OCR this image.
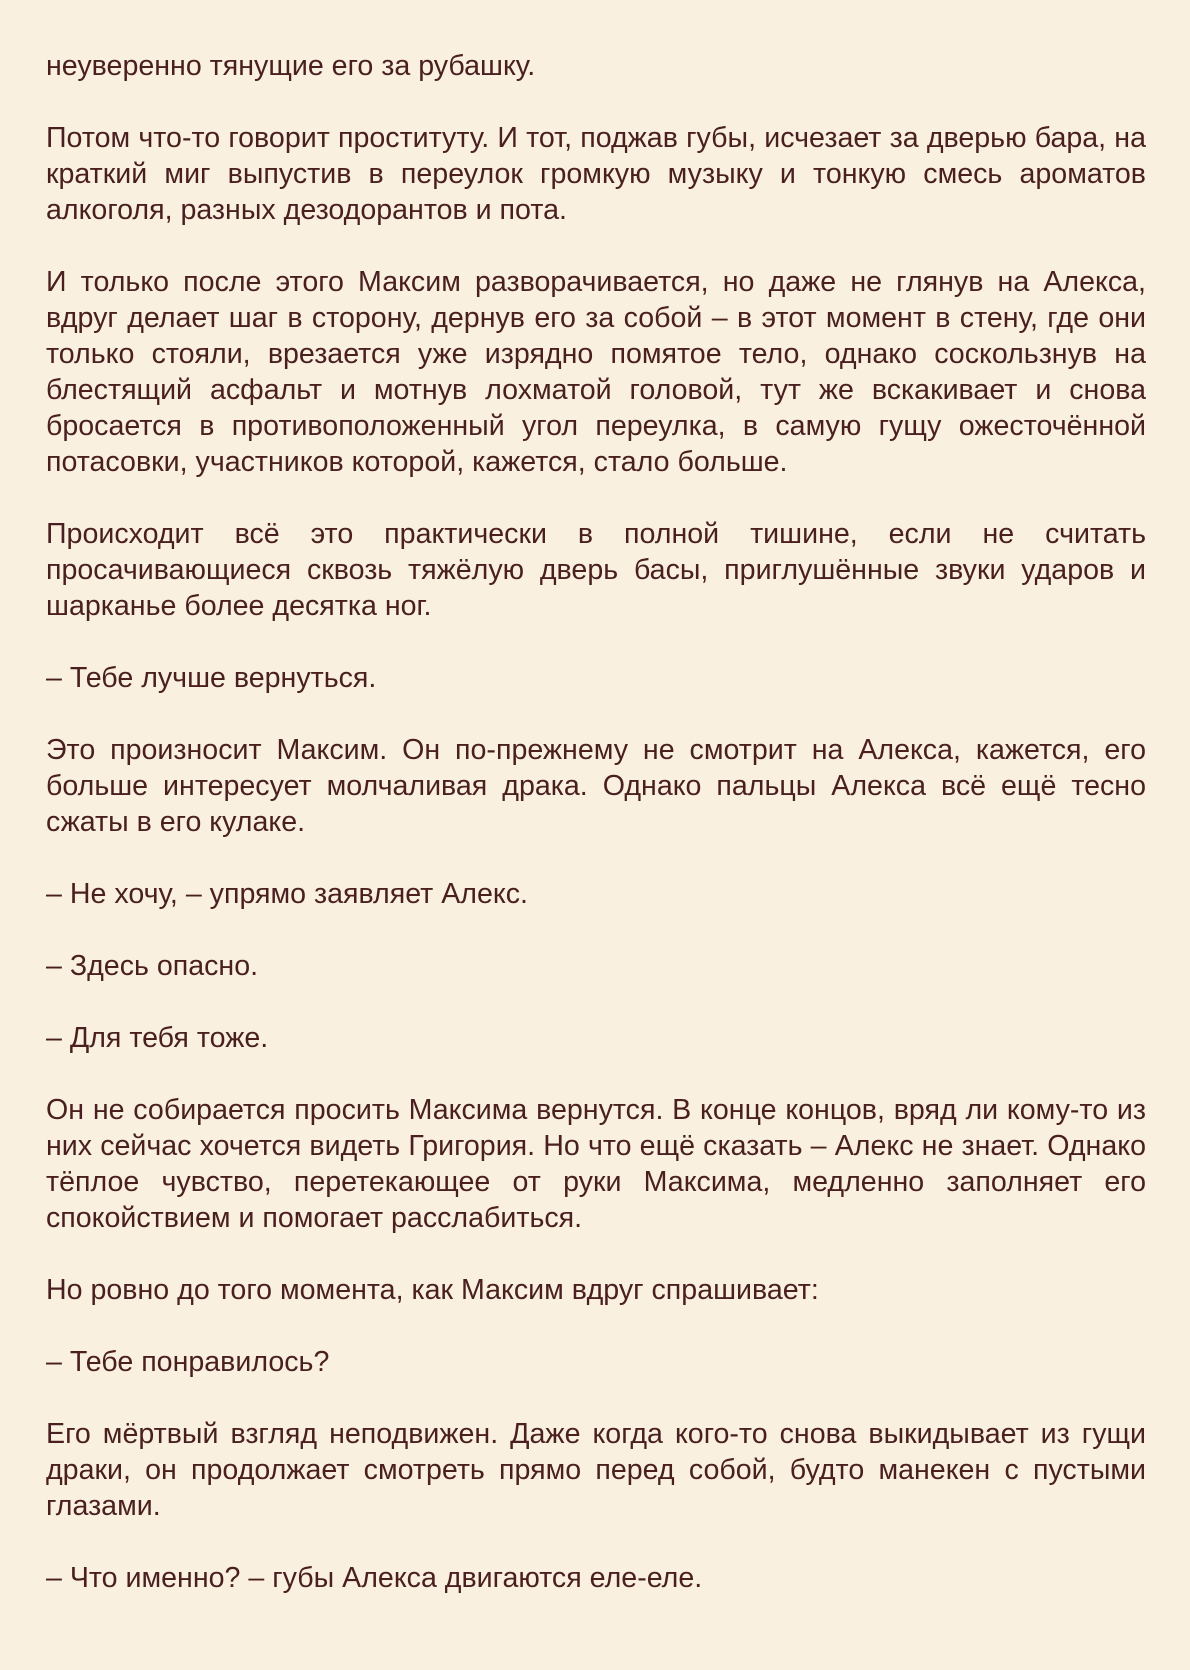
неуверенно тянущие его за рубашку.

Потом что-то говорит проституту. И тот, поджав губы, исчезает за дверью бара, на краткий миг выпустив в переулок громкую музыку и тонкую смесь ароматов алкоголя, разных дезодорантов и пота.

И только после этого Максим разворачивается, но даже не глянув на Алекса, вдруг делает шаг в сторону, дернув его за собой – в этот момент в стену, где они только стояли, врезается уже изрядно помятое тело, однако соскользнув на блестящий асфальт и мотнув лохматой головой, тут же вскакивает и снова бросается в противоположенный угол переулка, в самую гущу ожесточённой потасовки, участников которой, кажется, стало больше.

Происходит всё это практически в полной тишине, если не считать просачивающиеся сквозь тяжёлую дверь басы, приглушённые звуки ударов и шарканье более десятка ног.

– Тебе лучше вернуться.

Это произносит Максим. Он по-прежнему не смотрит на Алекса, кажется, его больше интересует молчаливая драка. Однако пальцы Алекса всё ещё тесно сжаты в его кулаке.

– Не хочу, – упрямо заявляет Алекс.

– Здесь опасно.

– Для тебя тоже.

Он не собирается просить Максима вернутся. В конце концов, вряд ли кому-то из них сейчас хочется видеть Григория. Но что ещё сказать – Алекс не знает. Однако тёплое чувство, перетекающее от руки Максима, медленно заполняет его спокойствием и помогает расслабиться.

Но ровно до того момента, как Максим вдруг спрашивает:

– Тебе понравилось?

Его мёртвый взгляд неподвижен. Даже когда кого-то снова выкидывает из гущи драки, он продолжает смотреть прямо перед собой, будто манекен с пустыми глазами.

– Что именно? – губы Алекса двигаются еле-еле.
